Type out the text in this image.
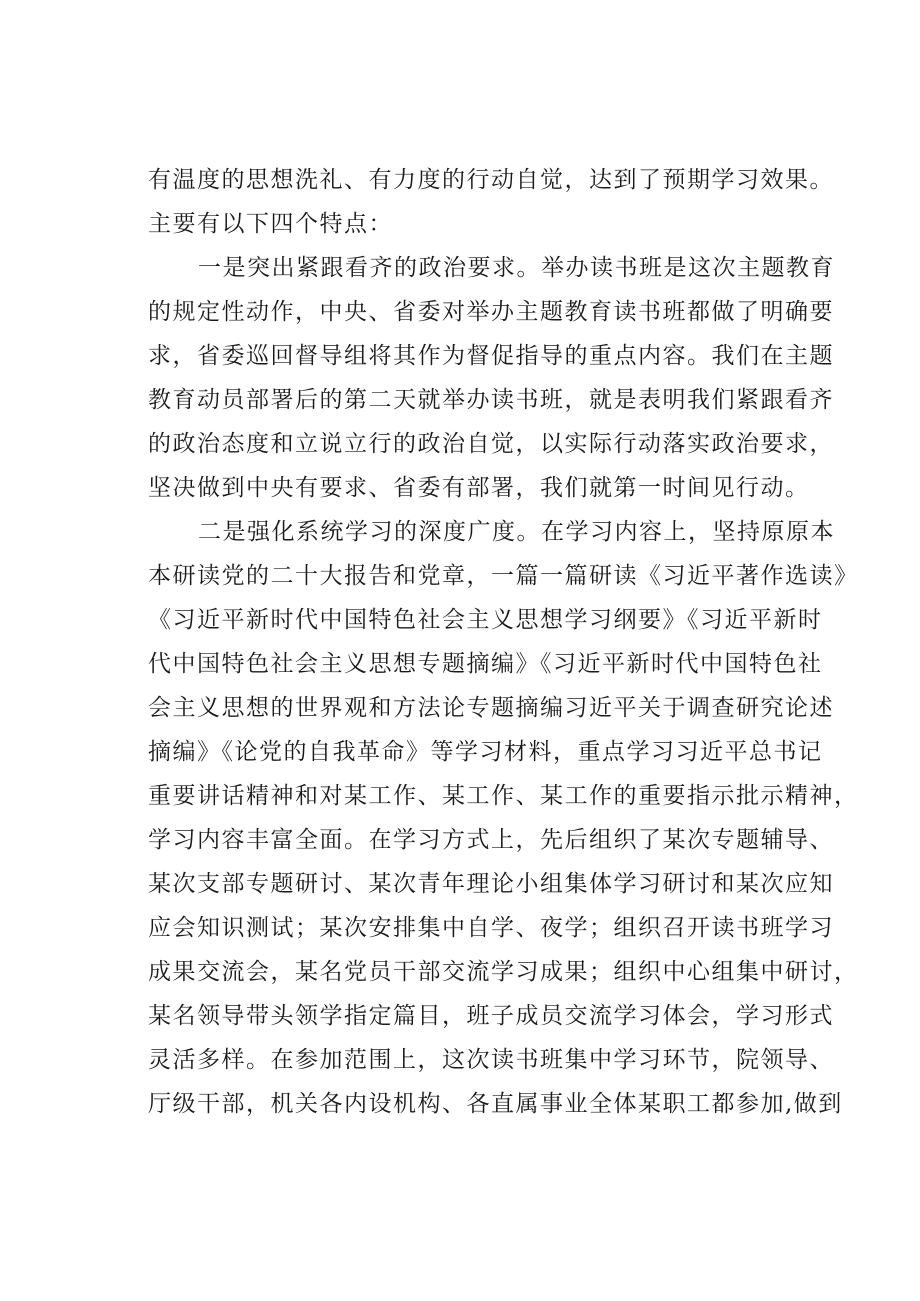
有温度的思想洗礼、有力度的行动自觉，达到了预期学习效果。
主要有以下四个特点：
一是突出紧跟看齐的政治要求。举办读书班是这次主题教育
的规定性动作，中央、省委对举办主题教育读书班都做了明确要
求，省委巡回督导组将其作为督促指导的重点内容。我们在主题
教育动员部署后的第二天就举办读书班，就是表明我们紧跟看齐
的政治态度和立说立行的政治自觉，以实际行动落实政治要求，
坚决做到中央有要求、省委有部署，我们就第一时间见行动。
二是强化系统学习的深度广度。在学习内容上，坚持原原本
本研读党的二十大报告和党章，一篇一篇研读《习近平著作选读》
《习近平新时代中国特色社会主义思想学习纲要》《习近平新时
代中国特色社会主义思想专题摘编》《习近平新时代中国特色社
会主义思想的世界观和方法论专题摘编习近平关于调查研究论述
摘编》《论党的自我革命》等学习材料，重点学习习近平总书记
重要讲话精神和对某工作、某工作、某工作的重要指示批示精神，
学习内容丰富全面。在学习方式上，先后组织了某次专题辅导、
某次支部专题研讨、某次青年理论小组集体学习研讨和某次应知
应会知识测试；某次安排集中自学、夜学；组织召开读书班学习
成果交流会，某名党员干部交流学习成果；组织中心组集中研讨，
某名领导带头领学指定篇目，班子成员交流学习体会，学习形式
灵活多样。在参加范围上，这次读书班集中学习环节，院领导、
厅级干部，机关各内设机构、各直属事业全体某职工都参加,做到
